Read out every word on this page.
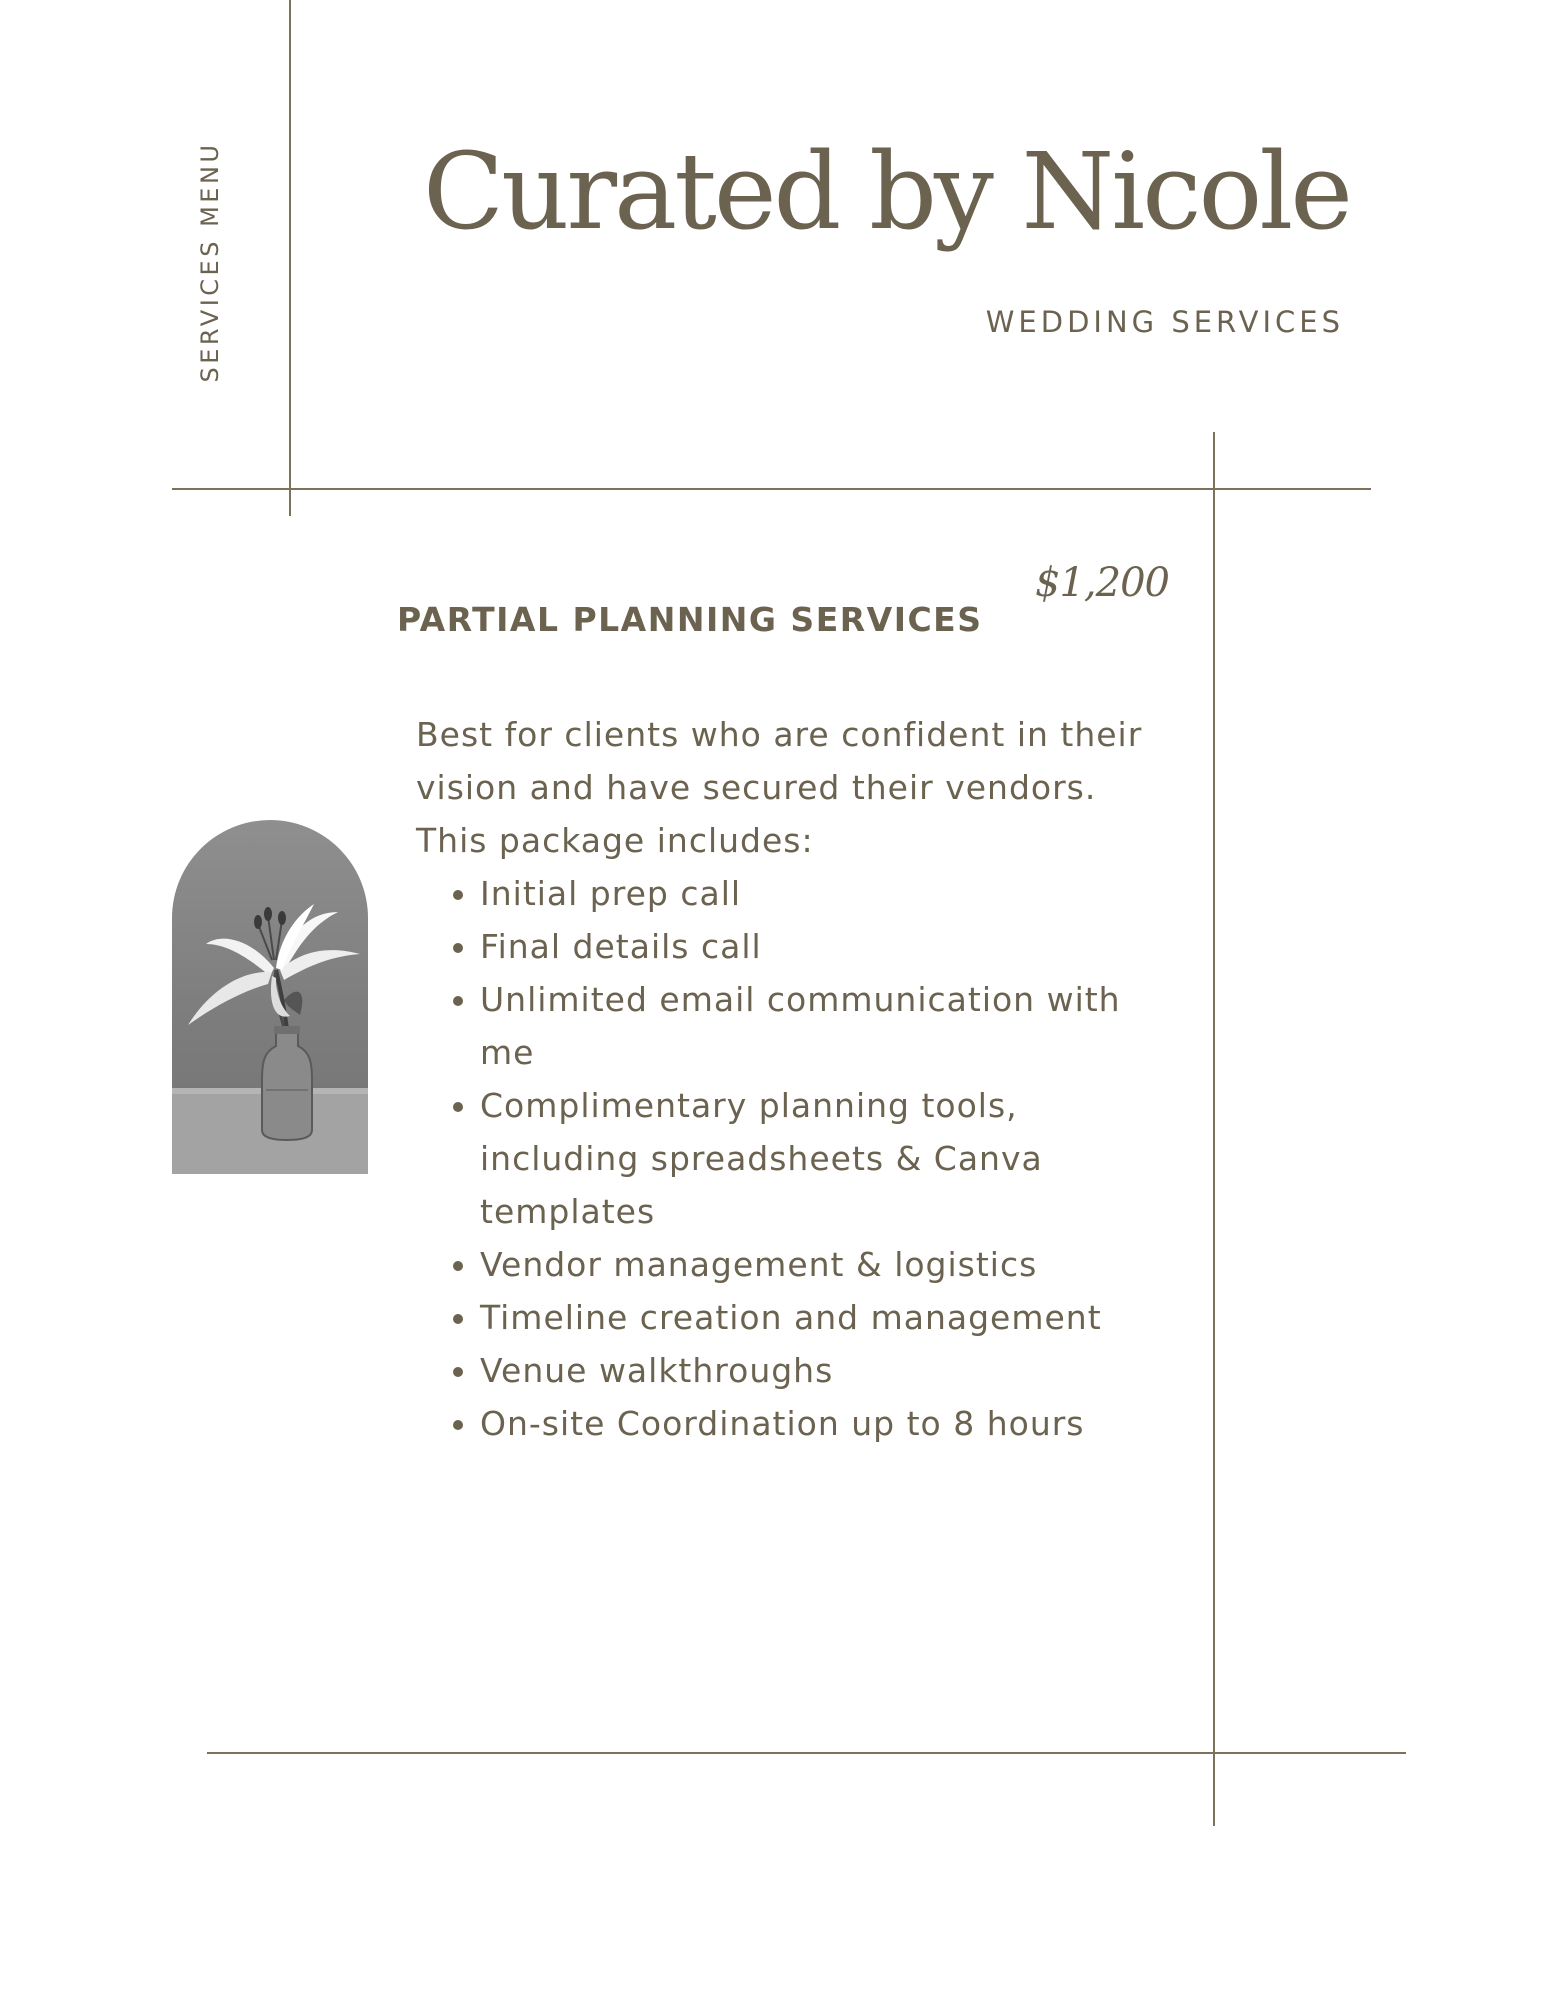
SERVICES MENU Curated by Nicole
WEDDING SERVICES
$1,200
PARTIAL PLANNING SERVICES

Best for clients who are confident in their vision and have secured their vendors. This package includes:

• Initial prep call
• Final details call
• Unlimited email communication with me
• Complimentary planning tools, including spreadsheets & Canva templates
• Vendor management & logistics
• Timeline creation and management
• Venue walkthroughs
• On-site Coordination up to 8 hours
